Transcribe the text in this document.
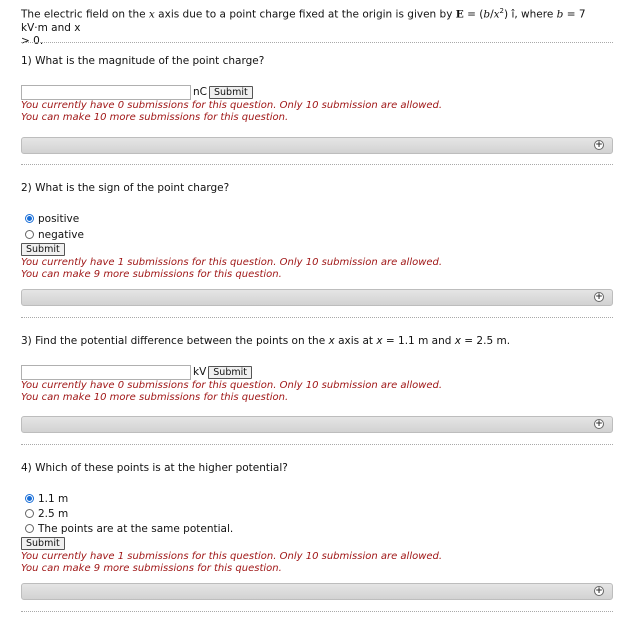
The electric field on the x axis due to a point charge fixed at the origin is given by $E = (b/x^2)$ î, where b = 7 kV·m and x
> 0.
1) What is the magnitude of the point charge?
nC Submit
You currently have 0 submissions for this question. Only 10 submission are allowed.
You can make 10 more submissions for this question.
+
2) What is the sign of the point charge?
positive
negative
Submit
You currently have 1 submissions for this question. Only 10 submission are allowed.
You can make 9 more submissions for this question.
+
3) Find the potential difference between the points on the x axis at x = 1.1 m and x = 2.5 m.
kV Submit
You currently have 0 submissions for this question. Only 10 submission are allowed.
You can make 10 more submissions for this question.
+
4) Which of these points is at the higher potential?
1.1 m
2.5 m
The points are at the same potential.
Submit
You currently have 1 submissions for this question. Only 10 submission are allowed.
You can make 9 more submissions for this question.
+
